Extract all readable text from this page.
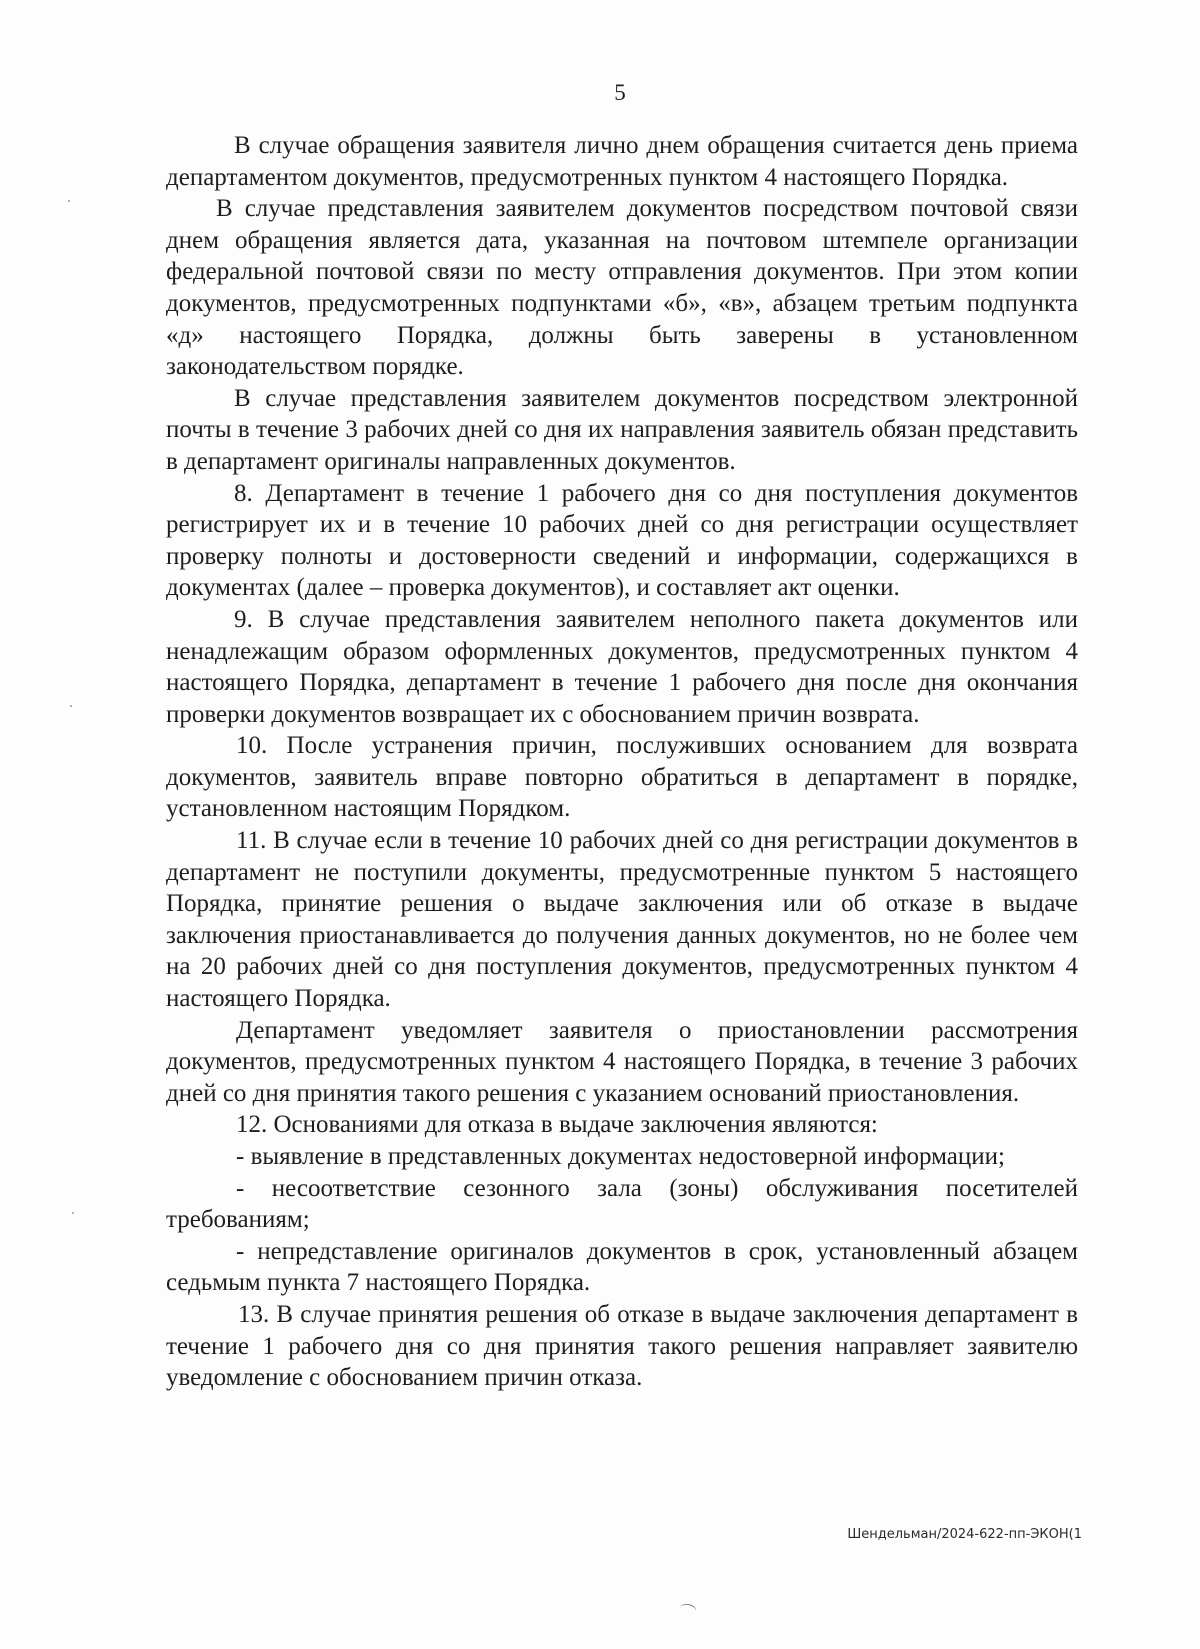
5

В случае обращения заявителя лично днем обращения считается день приема департаментом документов, предусмотренных пунктом 4 настоящего Порядка.

В случае представления заявителем документов посредством почтовой связи днем обращения является дата, указанная на почтовом штемпеле организации федеральной почтовой связи по месту отправления документов. При этом копии документов, предусмотренных подпунктами «б», «в», абзацем третьим подпункта «д» настоящего Порядка, должны быть заверены в установленном законодательством порядке.

В случае представления заявителем документов посредством электронной почты в течение 3 рабочих дней со дня их направления заявитель обязан представить в департамент оригиналы направленных документов.

8. Департамент в течение 1 рабочего дня со дня поступления документов регистрирует их и в течение 10 рабочих дней со дня регистрации осуществляет проверку полноты и достоверности сведений и информации, содержащихся в документах (далее – проверка документов), и составляет акт оценки.

9. В случае представления заявителем неполного пакета документов или ненадлежащим образом оформленных документов, предусмотренных пунктом 4 настоящего Порядка, департамент в течение 1 рабочего дня после дня окончания проверки документов возвращает их с обоснованием причин возврата.

10. После устранения причин, послуживших основанием для возврата документов, заявитель вправе повторно обратиться в департамент в порядке, установленном настоящим Порядком.

11. В случае если в течение 10 рабочих дней со дня регистрации документов в департамент не поступили документы, предусмотренные пунктом 5 настоящего Порядка, принятие решения о выдаче заключения или об отказе в выдаче заключения приостанавливается до получения данных документов, но не более чем на 20 рабочих дней со дня поступления документов, предусмотренных пунктом 4 настоящего Порядка.

Департамент уведомляет заявителя о приостановлении рассмотрения документов, предусмотренных пунктом 4 настоящего Порядка, в течение 3 рабочих дней со дня принятия такого решения с указанием оснований приостановления.

12. Основаниями для отказа в выдаче заключения являются:

- выявление в представленных документах недостоверной информации;

- несоответствие сезонного зала (зоны) обслуживания посетителей требованиям;

- непредставление оригиналов документов в срок, установленный абзацем седьмым пункта 7 настоящего Порядка.

13. В случае принятия решения об отказе в выдаче заключения департамент в течение 1 рабочего дня со дня принятия такого решения направляет заявителю уведомление с обоснованием причин отказа.

Шендельман/2024-622-пп-ЭКОН(1
